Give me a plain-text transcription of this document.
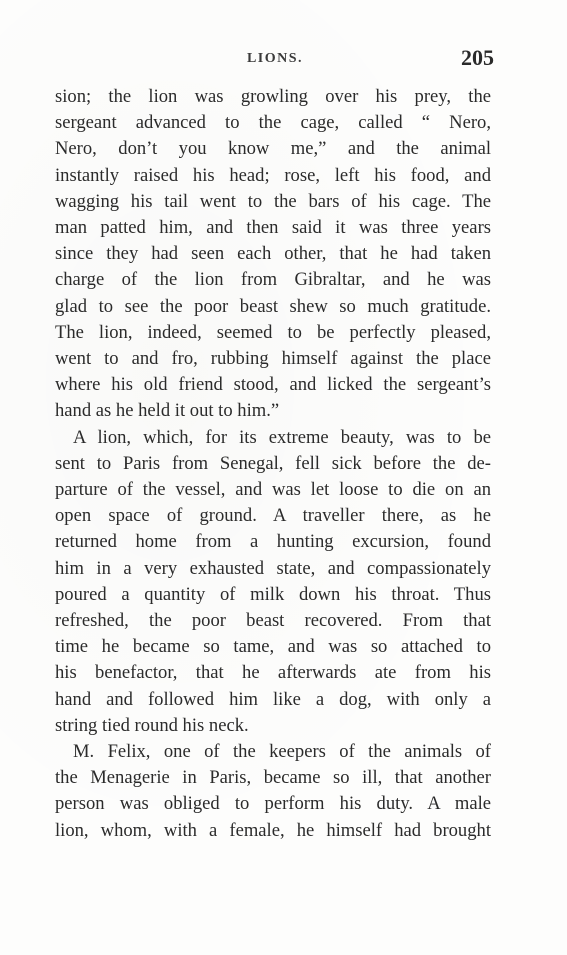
LIONS.	205

sion; the lion was growling over his prey, the
sergeant advanced to the cage, called “ Nero,
Nero, don’t you know me,” and the animal
instantly raised his head; rose, left his food, and
wagging his tail went to the bars of his cage. The
man patted him, and then said it was three years
since they had seen each other, that he had taken
charge of the lion from Gibraltar, and he was
glad to see the poor beast shew so much gratitude.
The lion, indeed, seemed to be perfectly pleased,
went to and fro, rubbing himself against the place
where his old friend stood, and licked the sergeant’s
hand as he held it out to him.”

A lion, which, for its extreme beauty, was to be
sent to Paris from Senegal, fell sick before the de-
parture of the vessel, and was let loose to die on an
open space of ground. A traveller there, as he
returned home from a hunting excursion, found
him in a very exhausted state, and compassionately
poured a quantity of milk down his throat. Thus
refreshed, the poor beast recovered. From that
time he became so tame, and was so attached to
his benefactor, that he afterwards ate from his
hand and followed him like a dog, with only a
string tied round his neck.

M. Felix, one of the keepers of the animals of
the Menagerie in Paris, became so ill, that another
person was obliged to perform his duty. A male
lion, whom, with a female, he himself had brought
